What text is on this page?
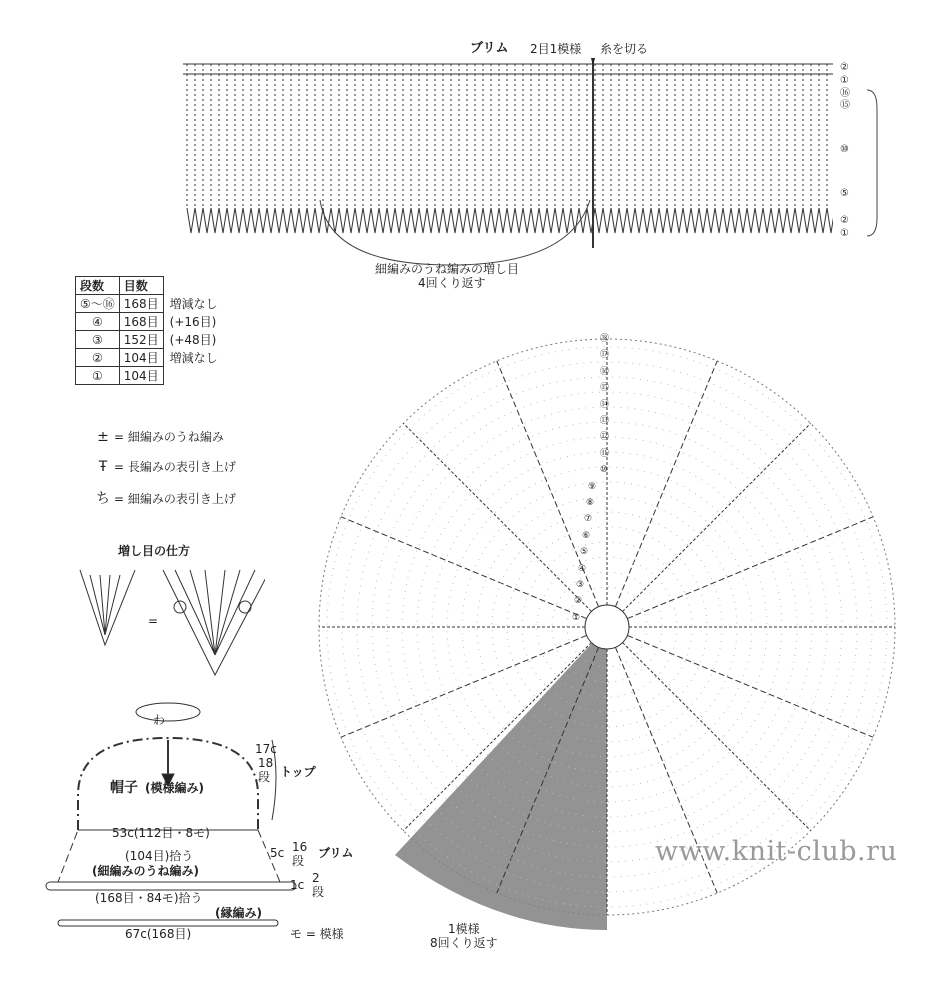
ブリム 2目1模様 糸を切る
②
①
⑯
⑮
⑩
⑤
②
①
細編みのうね編みの増し目
4回くり返す
段数	目数	
⑤〜⑯	168目	増減なし
④	168目	(+16目)
③	152目	(+48目)
②	104目	増減なし
①	104目	
± = 細編みのうね編み
Ŧ = 長編みの表引き上げ
ち = 細編みの表引き上げ
増し目の仕方
=
わ
帽子 (模様編み)
17c
18
段 トップ
53c(112目・8モ)
(104目)拾う
(細編みのうね編み)
5c 16
段
ブリム
1c 2
段
(168目・84モ)拾う
(縁編み)
67c(168目)	モ = 模様
⑱
⑰
⑯
⑮
⑭
⑬
⑫
⑪
⑩
⑨
⑧
⑦
⑥
⑤
④
③
②
①
1模様
8回くり返す
www.knit-club.ru
